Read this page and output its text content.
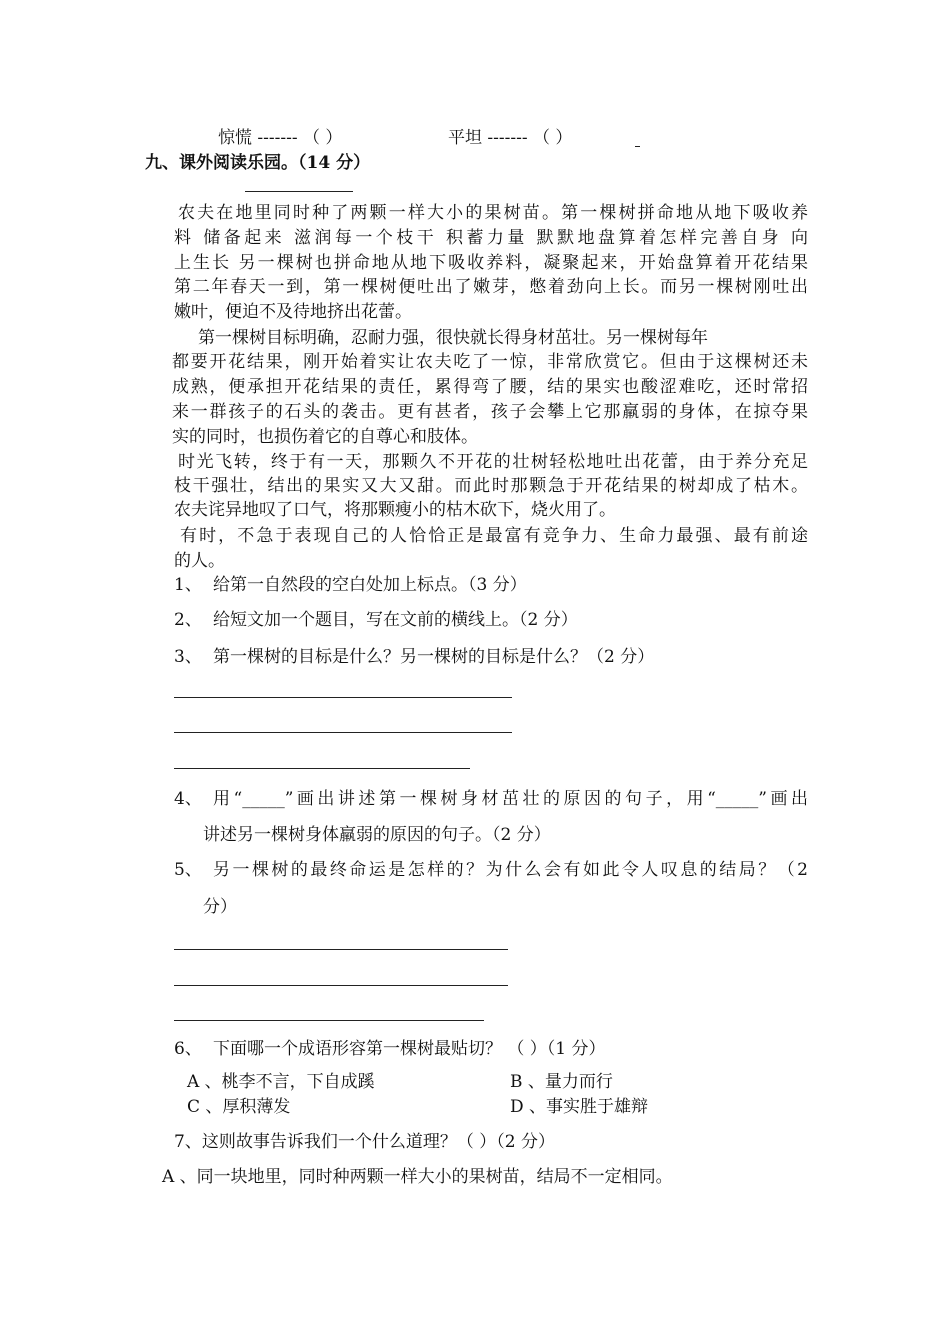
惊慌 ------- （ ）	平坦 ------- （ ）
九、课外阅读乐园。（14 分）
农夫在地里同时种了两颗一样大小的果树苗。第一棵树拼命地从地下吸收养
料 储备起来 滋润每一个枝干 积蓄力量 默默地盘算着怎样完善自身 向
上生长 另一棵树也拼命地从地下吸收养料，凝聚起来，开始盘算着开花结果
第二年春天一到，第一棵树便吐出了嫩芽，憋着劲向上长。而另一棵树刚吐出
嫩叶，便迫不及待地挤出花蕾。
第一棵树目标明确，忍耐力强，很快就长得身材茁壮。另一棵树每年
都要开花结果，刚开始着实让农夫吃了一惊，非常欣赏它。但由于这棵树还未
成熟，便承担开花结果的责任，累得弯了腰，结的果实也酸涩难吃，还时常招
来一群孩子的石头的袭击。更有甚者，孩子会攀上它那羸弱的身体，在掠夺果
实的同时，也损伤着它的自尊心和肢体。
时光飞转，终于有一天，那颗久不开花的壮树轻松地吐出花蕾，由于养分充足
枝干强壮，结出的果实又大又甜。而此时那颗急于开花结果的树却成了枯木。
农夫诧异地叹了口气，将那颗瘦小的枯木砍下，烧火用了。
有时，不急于表现自己的人恰恰正是最富有竞争力、生命力最强、最有前途
的人。
1、 给第一自然段的空白处加上标点。（3 分）
2、 给短文加一个题目，写在文前的横线上。（2 分）
3、 第一棵树的目标是什么？另一棵树的目标是什么？（2 分）
4、 用“_____”画出讲述第一棵树身材茁壮的原因的句子，用“_____”画出
讲述另一棵树身体羸弱的原因的句子。（2 分）
5、 另一棵树的最终命运是怎样的？为什么会有如此令人叹息的结局？（2
分）
6、 下面哪一个成语形容第一棵树最贴切？ （ ）（1 分）
A 、桃李不言，下自成蹊	B 、量力而行
C 、厚积薄发	D 、事实胜于雄辩
7、这则故事告诉我们一个什么道理？（ ）（2 分）
A 、同一块地里，同时种两颗一样大小的果树苗，结局不一定相同。
